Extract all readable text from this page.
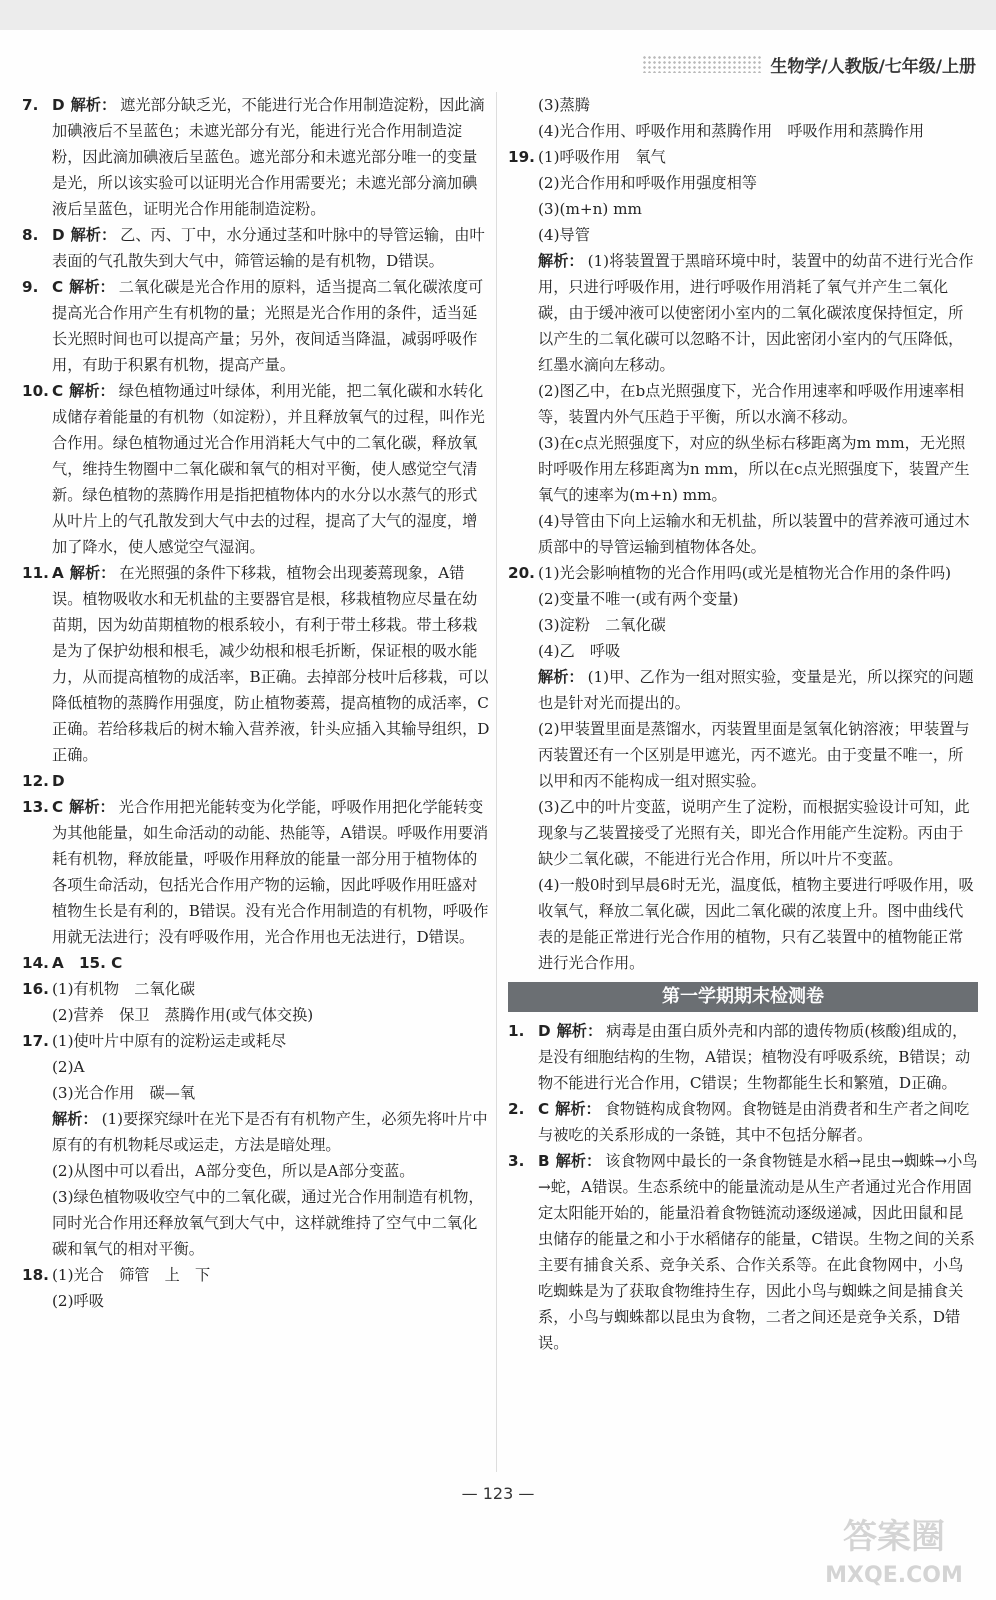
生物学/人教版/七年级/上册
7. D 解析： 遮光部分缺乏光，不能进行光合作用制造淀粉，因此滴加碘液后不呈蓝色；未遮光部分有光，能进行光合作用制造淀粉，因此滴加碘液后呈蓝色。遮光部分和未遮光部分唯一的变量是光，所以该实验可以证明光合作用需要光；未遮光部分滴加碘液后呈蓝色，证明光合作用能制造淀粉。
8. D 解析： 乙、丙、丁中，水分通过茎和叶脉中的导管运输，由叶表面的气孔散失到大气中，筛管运输的是有机物，D错误。
9. C 解析： 二氧化碳是光合作用的原料，适当提高二氧化碳浓度可提高光合作用产生有机物的量；光照是光合作用的条件，适当延长光照时间也可以提高产量；另外，夜间适当降温，减弱呼吸作用，有助于积累有机物，提高产量。
10. C 解析： 绿色植物通过叶绿体，利用光能，把二氧化碳和水转化成储存着能量的有机物（如淀粉），并且释放氧气的过程，叫作光合作用。绿色植物通过光合作用消耗大气中的二氧化碳，释放氧气，维持生物圈中二氧化碳和氧气的相对平衡，使人感觉空气清新。绿色植物的蒸腾作用是指把植物体内的水分以水蒸气的形式从叶片上的气孔散发到大气中去的过程，提高了大气的湿度，增加了降水，使人感觉空气湿润。
11. A 解析： 在光照强的条件下移栽，植物会出现萎蔫现象，A错误。植物吸收水和无机盐的主要器官是根，移栽植物应尽量在幼苗期，因为幼苗期植物的根系较小，有利于带土移栽。带土移栽是为了保护幼根和根毛，减少幼根和根毛折断，保证根的吸水能力，从而提高植物的成活率，B正确。去掉部分枝叶后移栽，可以降低植物的蒸腾作用强度，防止植物萎蔫，提高植物的成活率，C正确。若给移栽后的树木输入营养液，针头应插入其输导组织，D正确。
12. D
13. C 解析： 光合作用把光能转变为化学能，呼吸作用把化学能转变为其他能量，如生命活动的动能、热能等，A错误。呼吸作用要消耗有机物，释放能量，呼吸作用释放的能量一部分用于植物体的各项生命活动，包括光合作用产物的运输，因此呼吸作用旺盛对植物生长是有利的，B错误。没有光合作用制造的有机物，呼吸作用就无法进行；没有呼吸作用，光合作用也无法进行，D错误。
14. A　15. C
16. (1)有机物　二氧化碳
(2)营养　保卫　蒸腾作用(或气体交换)
17. (1)使叶片中原有的淀粉运走或耗尽
(2)A
(3)光合作用　碳—氧
解析： (1)要探究绿叶在光下是否有有机物产生，必须先将叶片中原有的有机物耗尽或运走，方法是暗处理。
(2)从图中可以看出，A部分变色，所以是A部分变蓝。
(3)绿色植物吸收空气中的二氧化碳，通过光合作用制造有机物，同时光合作用还释放氧气到大气中，这样就维持了空气中二氧化碳和氧气的相对平衡。
18. (1)光合　筛管　上　下
(2)呼吸
(3)蒸腾
(4)光合作用、呼吸作用和蒸腾作用　呼吸作用和蒸腾作用
19. (1)呼吸作用　氧气
(2)光合作用和呼吸作用强度相等
(3)(m+n) mm
(4)导管
解析： (1)将装置置于黑暗环境中时，装置中的幼苗不进行光合作用，只进行呼吸作用，进行呼吸作用消耗了氧气并产生二氧化碳，由于缓冲液可以使密闭小室内的二氧化碳浓度保持恒定，所以产生的二氧化碳可以忽略不计，因此密闭小室内的气压降低，红墨水滴向左移动。
(2)图乙中，在b点光照强度下，光合作用速率和呼吸作用速率相等，装置内外气压趋于平衡，所以水滴不移动。
(3)在c点光照强度下，对应的纵坐标右移距离为m mm，无光照时呼吸作用左移距离为n mm，所以在c点光照强度下，装置产生氧气的速率为(m+n) mm。
(4)导管由下向上运输水和无机盐，所以装置中的营养液可通过木质部中的导管运输到植物体各处。
20. (1)光会影响植物的光合作用吗(或光是植物光合作用的条件吗)
(2)变量不唯一(或有两个变量)
(3)淀粉　二氧化碳
(4)乙　呼吸
解析： (1)甲、乙作为一组对照实验，变量是光，所以探究的问题也是针对光而提出的。
(2)甲装置里面是蒸馏水，丙装置里面是氢氧化钠溶液；甲装置与丙装置还有一个区别是甲遮光，丙不遮光。由于变量不唯一，所以甲和丙不能构成一组对照实验。
(3)乙中的叶片变蓝，说明产生了淀粉，而根据实验设计可知，此现象与乙装置接受了光照有关，即光合作用能产生淀粉。丙由于缺少二氧化碳，不能进行光合作用，所以叶片不变蓝。
(4)一般0时到早晨6时无光，温度低，植物主要进行呼吸作用，吸收氧气，释放二氧化碳，因此二氧化碳的浓度上升。图中曲线代表的是能正常进行光合作用的植物，只有乙装置中的植物能正常进行光合作用。
第一学期期末检测卷
1. D 解析： 病毒是由蛋白质外壳和内部的遗传物质(核酸)组成的，是没有细胞结构的生物，A错误；植物没有呼吸系统，B错误；动物不能进行光合作用，C错误；生物都能生长和繁殖，D正确。
2. C 解析： 食物链构成食物网。食物链是由消费者和生产者之间吃与被吃的关系形成的一条链，其中不包括分解者。
3. B 解析： 该食物网中最长的一条食物链是水稻→昆虫→蜘蛛→小鸟→蛇，A错误。生态系统中的能量流动是从生产者通过光合作用固定太阳能开始的，能量沿着食物链流动逐级递减，因此田鼠和昆虫储存的能量之和小于水稻储存的能量，C错误。生物之间的关系主要有捕食关系、竞争关系、合作关系等。在此食物网中，小鸟吃蜘蛛是为了获取食物维持生存，因此小鸟与蜘蛛之间是捕食关系，小鸟与蜘蛛都以昆虫为食物，二者之间还是竞争关系，D错误。
— 123 —
答案圈
MXQE.COM
